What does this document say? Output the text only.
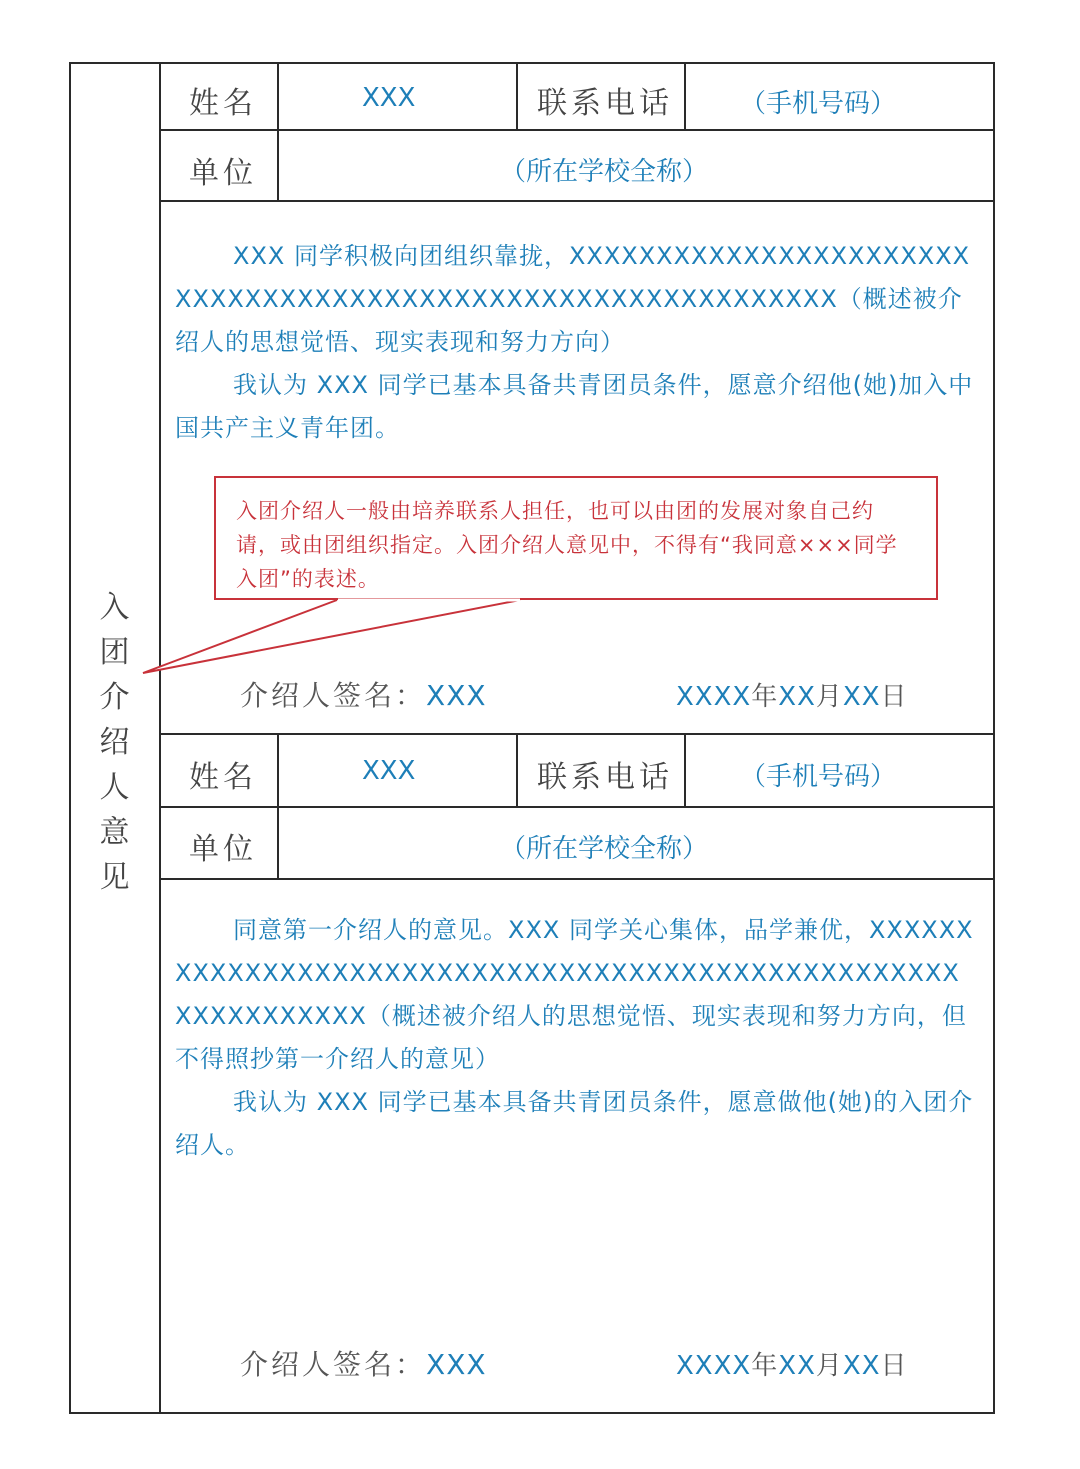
入
团
介
绍
人
意
见
姓名	XXX	联系电话	（手机号码）
单位	（所在学校全称）

XXX 同学积极向团组织靠拢，XXXXXXXXXXXXXXXXXXXXXXXXXXXXXXXXXXXXXXXXXXXXXXXXXXXXXXXXXXXXX（概述被介绍人的思想觉悟、现实表现和努力方向）

我认为 XXX 同学已基本具备共青团员条件，愿意介绍他(她)加入中国共产主义青年团。

入团介绍人一般由培养联系人担任，也可以由团的发展对象自己约请，或由团组织指定。入团介绍人意见中，不得有“我同意×××同学入团”的表述。
介绍人签名：XXX	XXXX年XX月XX日
姓名	XXX	联系电话	（手机号码）
单位	（所在学校全称）

同意第一介绍人的意见。XXX 同学关心集体，品学兼优，XXXXXXXXXXXXXXXXXXXXXXXXXXXXXXXXXXXXXXXXXXXXXXXXXXXXXXXXXXXXXX（概述被介绍人的思想觉悟、现实表现和努力方向，但不得照抄第一介绍人的意见）

我认为 XXX 同学已基本具备共青团员条件，愿意做他(她)的入团介绍人。

介绍人签名：XXX	XXXX年XX月XX日
